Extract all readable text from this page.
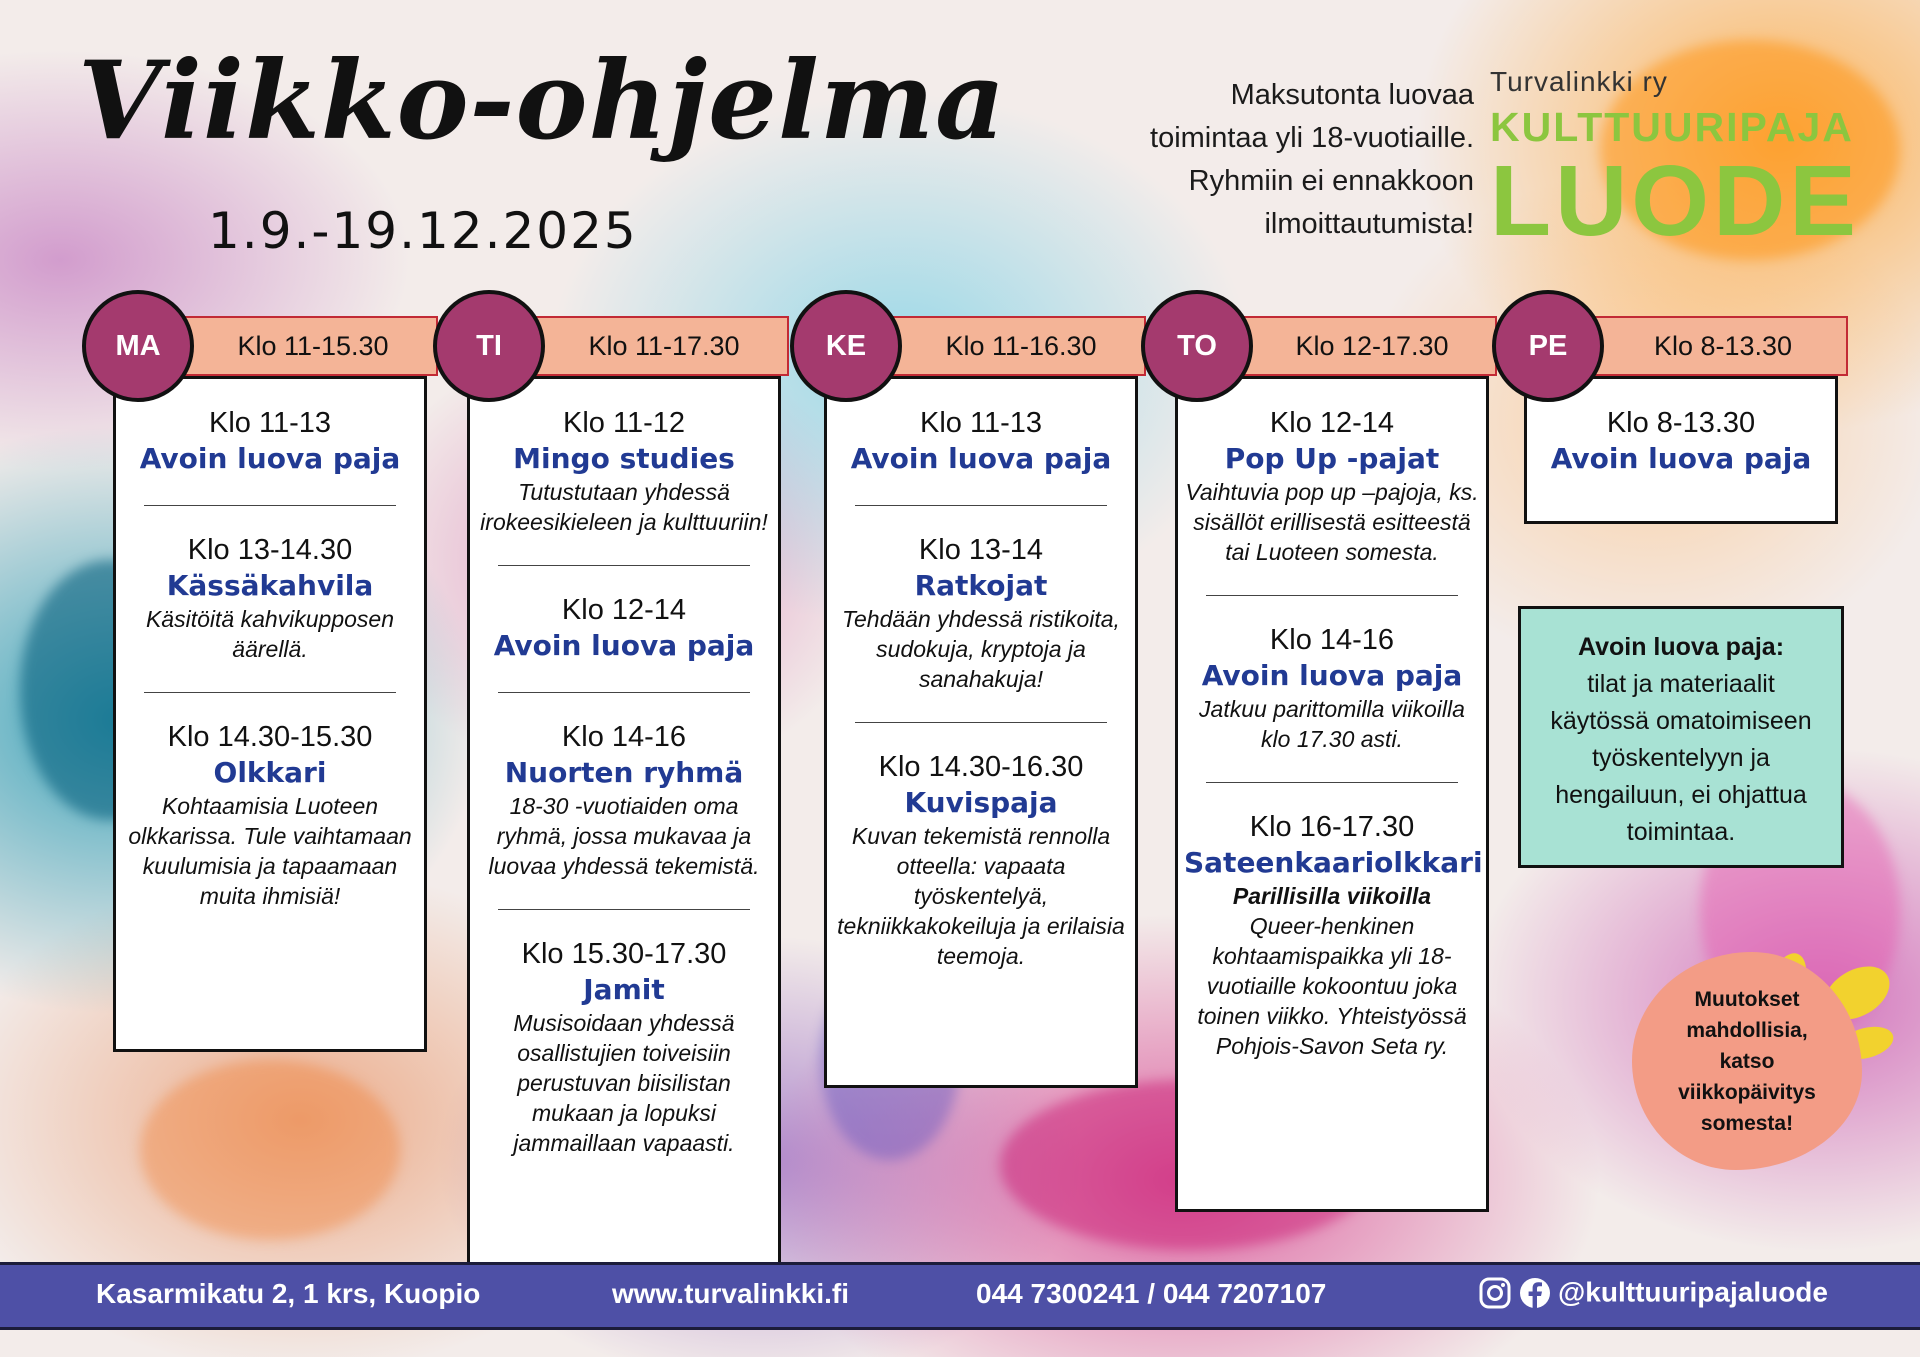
Viikko-ohjelma
1.9.-19.12.2025
Maksutonta luovaa
toimintaa yli 18-vuotiaille.
Ryhmiin ei ennakkoon
ilmoittautumista!
Turvalinkki ry
KULTTUURIPAJA
LUODE
Klo 11-13
Avoin luova paja
Klo 13-14.30
Kässäkahvila
Käsitöitä kahvikupposen äärellä.
Klo 14.30-15.30
Olkkari
Kohtaamisia Luoteen olkkarissa. Tule vaihtamaan kuulumisia ja tapaamaan muita ihmisiä!
Klo 11-15.30
MA
Klo 11-12
Mingo studies
Tutustutaan yhdessä irokeesikieleen ja kulttuuriin!
Klo 12-14
Avoin luova paja
Klo 14-16
Nuorten ryhmä
18-30 -vuotiaiden oma ryhmä, jossa mukavaa ja luovaa yhdessä tekemistä.
Klo 15.30-17.30
Jamit
Musisoidaan yhdessä osallistujien toiveisiin perustuvan biisilistan mukaan ja lopuksi jammaillaan vapaasti.
Klo 11-17.30
TI
Klo 11-13
Avoin luova paja
Klo 13-14
Ratkojat
Tehdään yhdessä ristikoita, sudokuja, kryptoja ja sanahakuja!
Klo 14.30-16.30
Kuvispaja
Kuvan tekemistä rennolla otteella: vapaata työskentelyä, tekniikkakokeiluja ja erilaisia teemoja.
Klo 11-16.30
KE
Klo 12-14
Pop Up -pajat
Vaihtuvia pop up –pajoja, ks. sisällöt erillisestä esitteestä tai Luoteen somesta.
Klo 14-16
Avoin luova paja
Jatkuu parittomilla viikoilla klo 17.30 asti.
Klo 16-17.30
Sateenkaariolkkari
Parillisilla viikoilla
Queer-henkinen kohtaamispaikka yli 18-vuotiaille kokoontuu joka toinen viikko. Yhteistyössä Pohjois-Savon Seta ry.
Klo 12-17.30
TO
Klo 8-13.30
Avoin luova paja
Klo 8-13.30
PE
Avoin luova paja:
tilat ja materiaalit käytössä omatoimiseen työskentelyyn ja hengailuun, ei ohjattua toimintaa.
Muutokset mahdollisia, katso viikkopäivitys somesta!
Kasarmikatu 2, 1 krs, Kuopio	www.turvalinkki.fi	044 7300241 / 044 7207107	@kulttuuripajaluode
